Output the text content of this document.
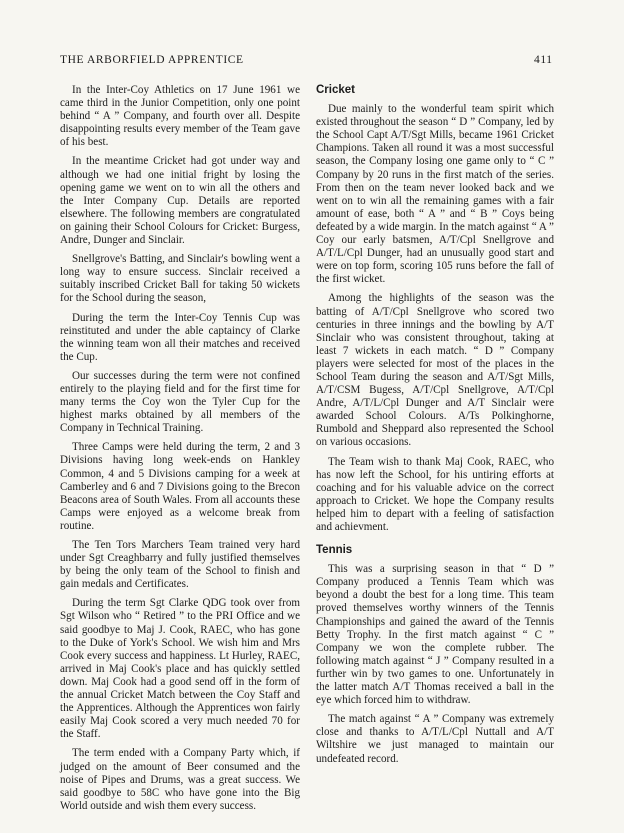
THE ARBORFIELD APPRENTICE	411

In the Inter-Coy Athletics on 17 June 1961 we came third in the Junior Competition, only one point behind “ A ” Company, and fourth over all. Despite disappointing results every member of the Team gave of his best.

In the meantime Cricket had got under way and although we had one initial fright by losing the opening game we went on to win all the others and the Inter Company Cup. Details are reported elsewhere. The following members are congratulated on gaining their School Colours for Cricket: Burgess, Andre, Dunger and Sinclair.

Snellgrove's Batting, and Sinclair's bowling went a long way to ensure success. Sinclair received a suitably inscribed Cricket Ball for taking 50 wickets for the School during the season,

During the term the Inter-Coy Tennis Cup was reinstituted and under the able captaincy of Clarke the winning team won all their matches and received the Cup.

Our successes during the term were not confined entirely to the playing field and for the first time for many terms the Coy won the Tyler Cup for the highest marks obtained by all members of the Company in Technical Training.

Three Camps were held during the term, 2 and 3 Divisions having long week-ends on Hankley Common, 4 and 5 Divisions camping for a week at Camberley and 6 and 7 Divisions going to the Brecon Beacons area of South Wales. From all accounts these Camps were enjoyed as a welcome break from routine.

The Ten Tors Marchers Team trained very hard under Sgt Creaghbarry and fully justified themselves by being the only team of the School to finish and gain medals and Certificates.

During the term Sgt Clarke QDG took over from Sgt Wilson who “ Retired ” to the PRI Office and we said goodbye to Maj J. Cook, RAEC, who has gone to the Duke of York's School. We wish him and Mrs Cook every success and happiness. Lt Hurley, RAEC, arrived in Maj Cook's place and has quickly settled down. Maj Cook had a good send off in the form of the annual Cricket Match between the Coy Staff and the Apprentices. Although the Apprentices won fairly easily Maj Cook scored a very much needed 70 for the Staff.

The term ended with a Company Party which, if judged on the amount of Beer consumed and the noise of Pipes and Drums, was a great success. We said goodbye to 58C who have gone into the Big World outside and wish them every success.

Cricket

Due mainly to the wonderful team spirit which existed throughout the season “ D ” Company, led by the School Capt A/T/Sgt Mills, became 1961 Cricket Champions. Taken all round it was a most successful season, the Company losing one game only to “ C ” Company by 20 runs in the first match of the series. From then on the team never looked back and we went on to win all the remaining games with a fair amount of ease, both “ A ” and “ B ” Coys being defeated by a wide margin. In the match against “ A ” Coy our early batsmen, A/T/Cpl Snellgrove and A/T/L/Cpl Dunger, had an unusually good start and were on top form, scoring 105 runs before the fall of the first wicket.

Among the highlights of the season was the batting of A/T/Cpl Snellgrove who scored two centuries in three innings and the bowling by A/T Sinclair who was consistent throughout, taking at least 7 wickets in each match. “ D ” Company players were selected for most of the places in the School Team during the season and A/T/Sgt Mills, A/T/CSM Bugess, A/T/Cpl Snellgrove, A/T/Cpl Andre, A/T/L/Cpl Dunger and A/T Sinclair were awarded School Colours. A/Ts Polkinghorne, Rumbold and Sheppard also represented the School on various occasions.

The Team wish to thank Maj Cook, RAEC, who has now left the School, for his untiring efforts at coaching and for his valuable advice on the correct approach to Cricket. We hope the Company results helped him to depart with a feeling of satisfaction and achievment.

Tennis

This was a surprising season in that “ D ” Company produced a Tennis Team which was beyond a doubt the best for a long time. This team proved themselves worthy winners of the Tennis Championships and gained the award of the Tennis Betty Trophy. In the first match against “ C ” Company we won the complete rubber. The following match against “ J ” Company resulted in a further win by two games to one. Unfortunately in the latter match A/T Thomas received a ball in the eye which forced him to withdraw.

The match against “ A ” Company was extremely close and thanks to A/T/L/Cpl Nuttall and A/T Wiltshire we just managed to maintain our undefeated record.
